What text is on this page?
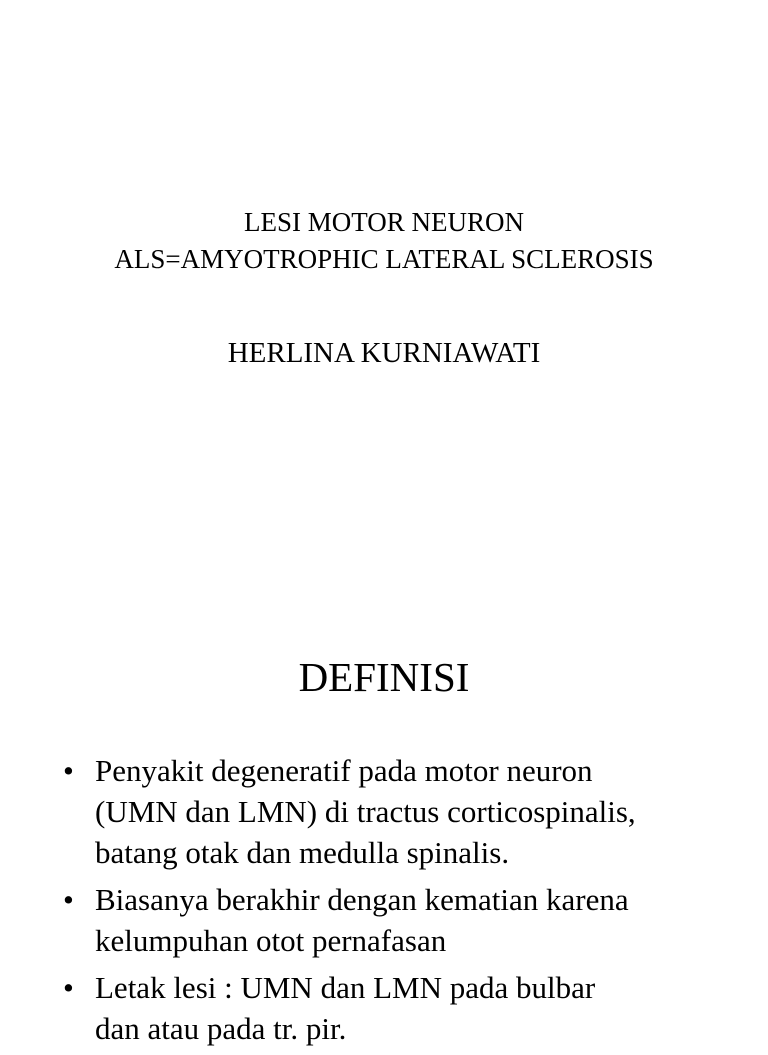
LESI MOTOR NEURON
ALS=AMYOTROPHIC LATERAL SCLEROSIS
HERLINA KURNIAWATI
DEFINISI
• Penyakit degeneratif pada motor neuron
(UMN dan LMN) di tractus corticospinalis,
batang otak dan medulla spinalis.
• Biasanya berakhir dengan kematian karena
kelumpuhan otot pernafasan
• Letak lesi : UMN dan LMN pada bulbar
dan atau pada tr. pir.
